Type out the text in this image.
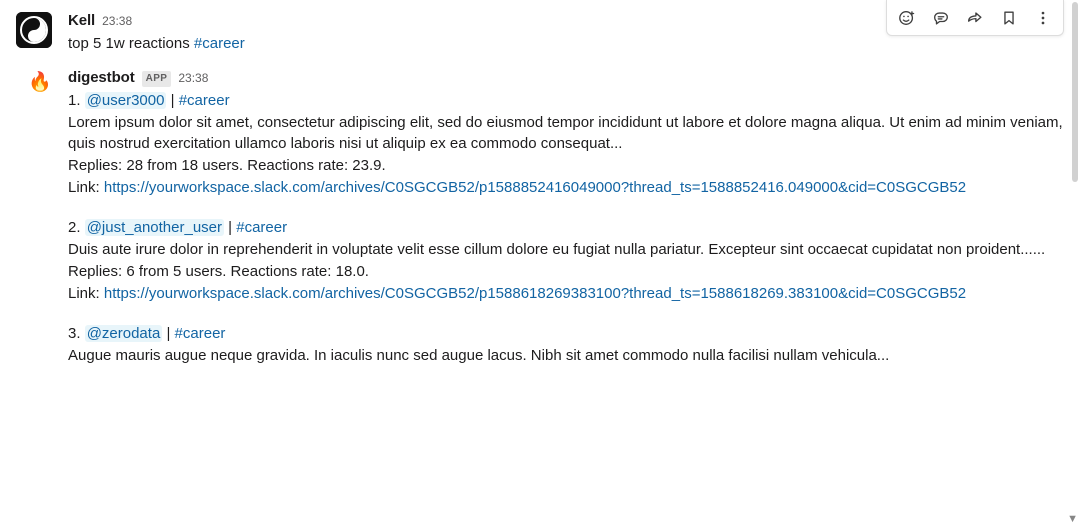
Kell 23:38
top 5 1w reactions #career
🔥 digestbot	APP 23:38
1. @user3000 | #career
Lorem ipsum dolor sit amet, consectetur adipiscing elit, sed do eiusmod tempor incididunt ut labore et dolore magna aliqua. Ut enim ad minim veniam, quis nostrud exercitation ullamco laboris nisi ut aliquip ex ea commodo consequat...
Replies: 28 from 18 users. Reactions rate: 23.9.
Link: https://yourworkspace.slack.com/archives/C0SGCGB52/p1588852416049000?thread_ts=1588852416.049000&cid=C0SGCGB52
2. @just_another_user | #career
Duis aute irure dolor in reprehenderit in voluptate velit esse cillum dolore eu fugiat nulla pariatur. Excepteur sint occaecat cupidatat non proident......
Replies: 6 from 5 users. Reactions rate: 18.0.
Link: https://yourworkspace.slack.com/archives/C0SGCGB52/p1588618269383100?thread_ts=1588618269.383100&cid=C0SGCGB52
3. @zerodata | #career
Augue mauris augue neque gravida. In iaculis nunc sed augue lacus. Nibh sit amet commodo nulla facilisi nullam vehicula...
▼
